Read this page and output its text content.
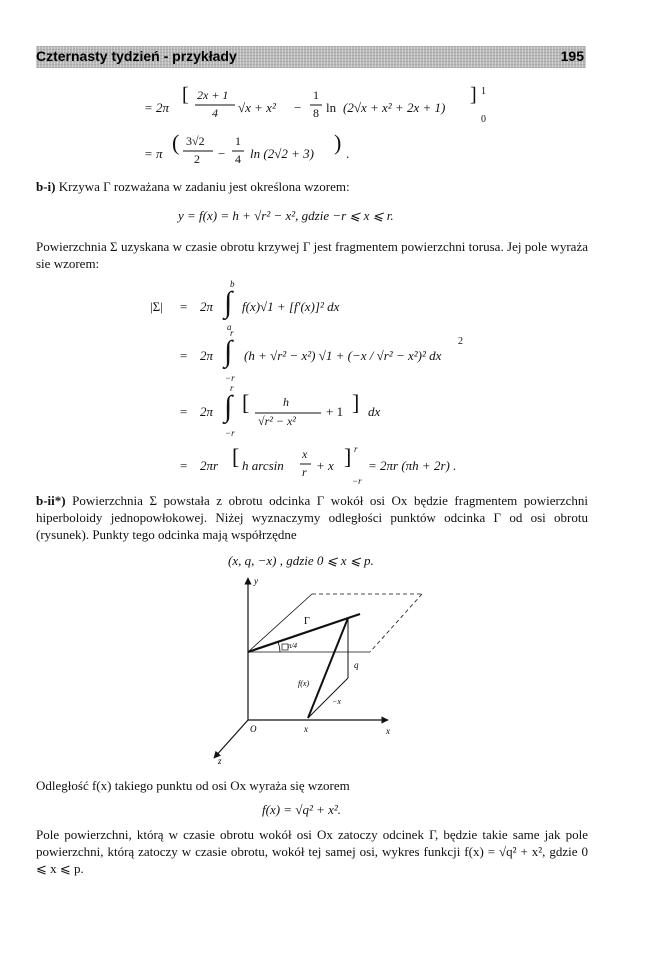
Czternasty tydzień - przykłady	195
= 2π
[ 2x + 1
4 √x + x² −
1
8 ln (2√x + x² + 2x + 1)
] 1
0
= π ( 3√2
2 −
1
4 ln (2√2 + 3) ) .
b-i) Krzywa Γ rozważana w zadaniu jest określona wzorem:
y = f(x) = h + √r² − x², gdzie −r ⩽ x ⩽ r.
Powierzchnia Σ uzyskana w czasie obrotu krzywej Γ jest fragmentem powierzchni torusa. Jej pole wyraża sie wzorem:
|Σ| = 2π
b
∫
a
f(x)√1 + [f′(x)]² dx
= 2π
r
∫
−r
(h + √r² − x²) √1 + (−x / √r² − x²)² dx
2
= 2π
r
∫
−r
[	h
√r² − x²
+ 1 ] dx
= 2πr [ h arcsin
x
r + x ] r
−r
= 2πr (πh + 2r) .
b-ii*) Powierzchnia Σ powstała z obrotu odcinka Γ wokół osi Ox będzie fragmentem powierzchni hiperboloidy jednopowłokowej. Niżej wyznaczymy odległości punktów odcinka Γ od osi obrotu (rysunek). Punkty tego odcinka mają współrzędne
(x, q, −x) , gdzie 0 ⩽ x ⩽ p.
y
x
z
O
Γ
π/4
q
f(x)
−x
x
Odległość f(x) takiego punktu od osi Ox wyraża się wzorem
f(x) = √q² + x².
Pole powierzchni, którą w czasie obrotu wokół osi Ox zatoczy odcinek Γ, będzie takie same jak pole powierzchni, którą zatoczy w czasie obrotu, wokół tej samej osi, wykres funkcji f(x) = √q² + x², gdzie 0 ⩽ x ⩽ p.
